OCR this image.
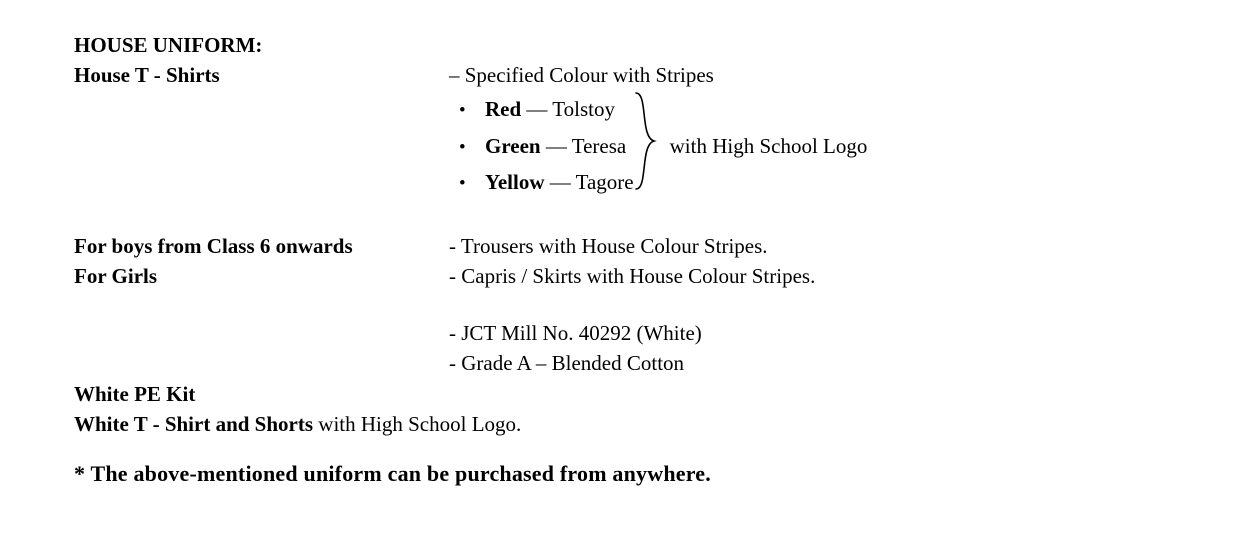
HOUSE UNIFORM:
House T - Shirts	– Specified Colour with Stripes
• Red — Tolstoy
• Green — Teresa
• Yellow — Tagore
with High School Logo
For boys from Class 6 onwards	- Trousers with House Colour Stripes.
For Girls	- Capris / Skirts with House Colour Stripes.
- JCT Mill No. 40292 (White)
- Grade A – Blended Cotton
White PE Kit
White T - Shirt and Shorts with High School Logo.
* The above-mentioned uniform can be purchased from anywhere.
